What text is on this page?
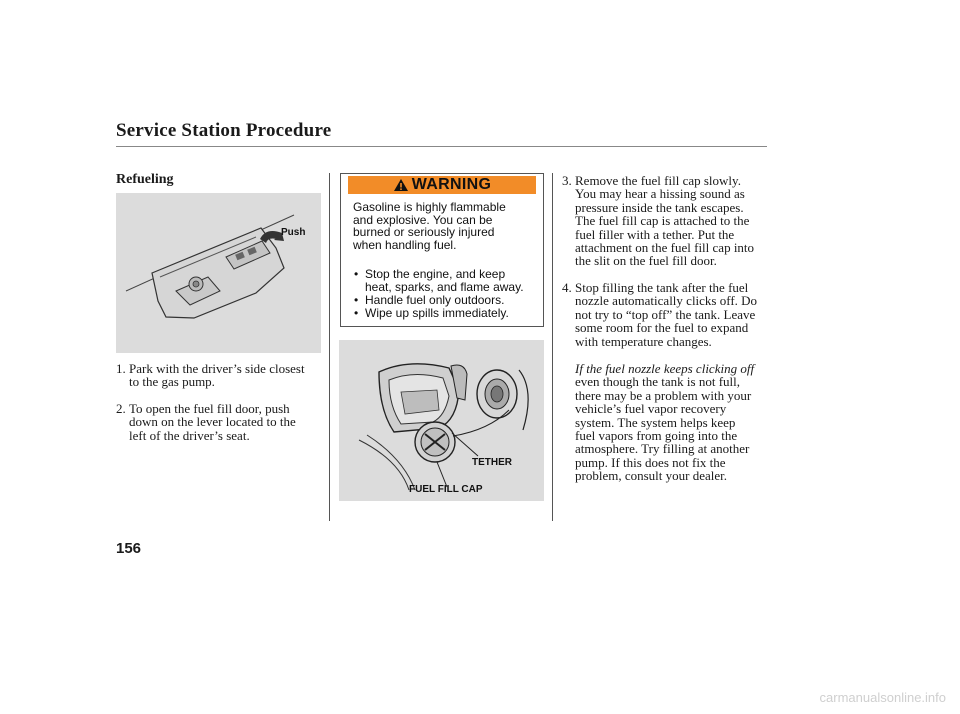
Service Station Procedure
Refueling
Push
1. Park with the driver’s side closest
to the gas pump.
2. To open the fuel fill door, push
down on the lever located to the
left of the driver’s seat.
WARNING
Gasoline is highly flammable
and explosive. You can be
burned or seriously injured
when handling fuel.
• Stop the engine, and keep
heat, sparks, and flame away.
• Handle fuel only outdoors.
• Wipe up spills immediately.
TETHER
FUEL FILL CAP
3. Remove the fuel fill cap slowly.
You may hear a hissing sound as
pressure inside the tank escapes.
The fuel fill cap is attached to the
fuel filler with a tether. Put the
attachment on the fuel fill cap into
the slit on the fuel fill door.
4. Stop filling the tank after the fuel
nozzle automatically clicks off. Do
not try to “top off” the tank. Leave
some room for the fuel to expand
with temperature changes.
If the fuel nozzle keeps clicking off
even though the tank is not full,
there may be a problem with your
vehicle’s fuel vapor recovery
system. The system helps keep
fuel vapors from going into the
atmosphere. Try filling at another
pump. If this does not fix the
problem, consult your dealer.
156
carmanualsonline.info
